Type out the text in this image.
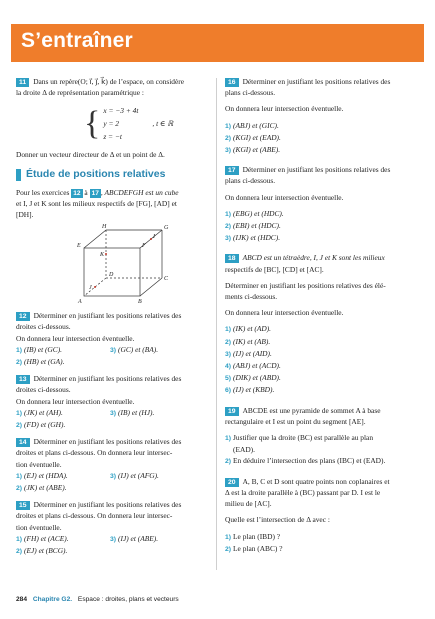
S’entraîner

11 Dans un repère(O; i⃗, j⃗, k⃗) de l’espace, on considère

la droite Δ de représentation paramétrique :

{ x = −3 + 4t
y = 2
z = −t
, t ∈ ℝ

Donner un vecteur directeur de Δ et un point de Δ.

Étude de positions relatives

Pour les exercices 12 à 17 , ABCDEFGH est un cube

et I, J et K sont les milieux respectifs de [FG], [AD] et

[DH].

H	G
E	F
K
I
D
C
J
A	B

12 Déterminer en justifiant les positions relatives des

droites ci-dessous.

On donnera leur intersection éventuelle.

1) (IB) et (GC).	3) (GC) et (BA).
2) (HB) et (GA).

13 Déterminer en justifiant les positions relatives des

droites ci-dessous.

On donnera leur intersection éventuelle.

1) (JK) et (AH).	3) (IB) et (HJ).
2) (FD) et (GH).

14 Déterminer en justifiant les positions relatives des

droites et plans ci-dessous. On donnera leur intersec-

tion éventuelle.

1) (EJ) et (HDA).	3) (IJ) et (AFG).
2) (JK) et (ABE).

15 Déterminer en justifiant les positions relatives des

droites et plans ci-dessous. On donnera leur intersec-

tion éventuelle.

1) (FH) et (ACE).	3) (IJ) et (ABE).
2) (EJ) et (BCG).

16 Déterminer en justifiant les positions relatives des

plans ci-dessous.

On donnera leur intersection éventuelle.

1) (ABJ) et (GIC).
2) (KGI) et (EAD).
3) (KGI) et (ABE).

17 Déterminer en justifiant les positions relatives des

plans ci-dessous.

On donnera leur intersection éventuelle.

1) (EBG) et (HDC).
2) (EBI) et (HDC).
3) (IJK) et (HDC).

18 ABCD est un tétraèdre, I, J et K sont les milieux

respectifs de [BC], [CD] et [AC].

Déterminer en justifiant les positions relatives des élé-

ments ci-dessous.

On donnera leur intersection éventuelle.

1) (IK) et (AD).
2) (IK) et (AB).
3) (IJ) et (AID).
4) (ABJ) et (ACD).
5) (DIK) et (ABD).
6) (IJ) et (KBD).

19 ABCDE est une pyramide de sommet A à base

rectangulaire et I est un point du segment [AE].

1) Justifier que la droite (BC) est parallèle au plan
(EAD).
2) En déduire l’intersection des plans (IBC) et (EAD).

20 A, B, C et D sont quatre points non coplanaires et

Δ est la droite parallèle à (BC) passant par D. I est le

milieu de [AC].

Quelle est l’intersection de Δ avec :

1) Le plan (IBD) ?
2) Le plan (ABC) ?
284 Chapitre G2. Espace : droites, plans et vecteurs
